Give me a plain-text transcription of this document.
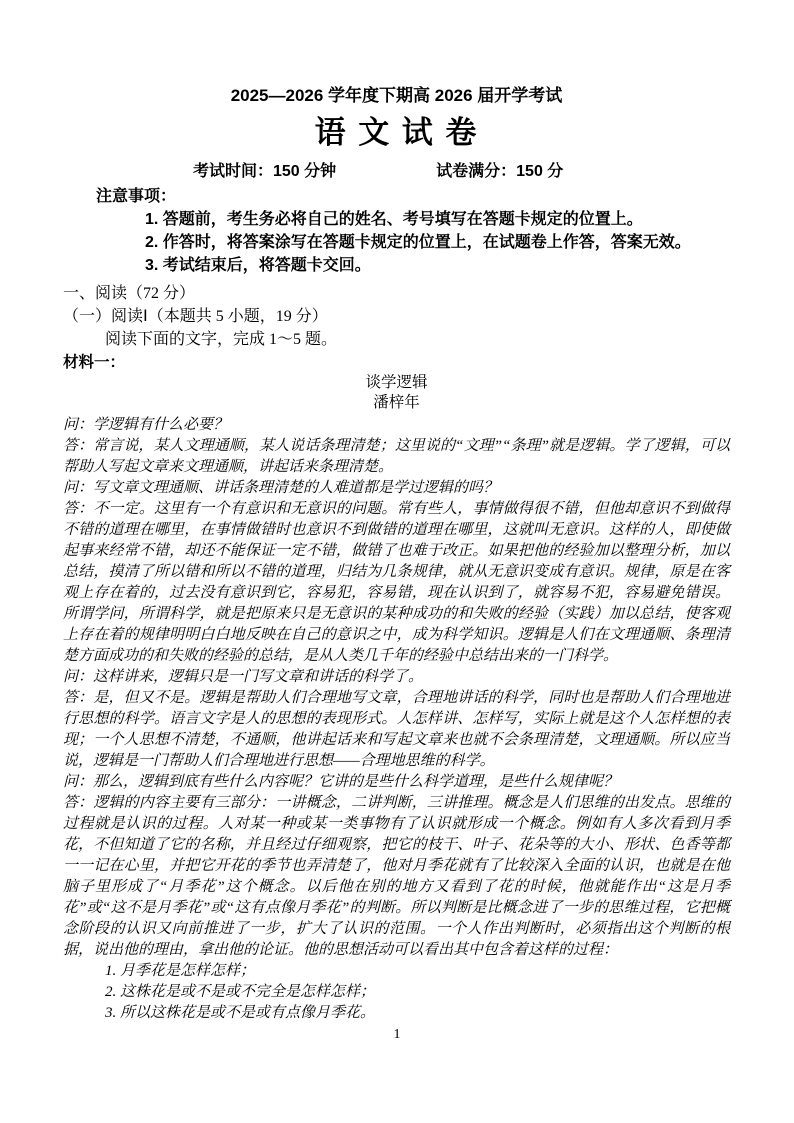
2025—2026 学年度下期高 2026 届开学考试
语 文 试 卷
考试时间：150 分钟	试卷满分：150 分
注意事项：
1. 答题前，考生务必将自己的姓名、考号填写在答题卡规定的位置上。
2. 作答时，将答案涂写在答题卡规定的位置上，在试题卷上作答，答案无效。
3. 考试结束后，将答题卡交回。
一、阅读（72 分）
（一）阅读Ⅰ（本题共 5 小题，19 分）
阅读下面的文字，完成 1～5 题。
材料一：
谈学逻辑
潘梓年

问：学逻辑有什么必要？

答：常言说，某人文理通顺，某人说话条理清楚；这里说的“文理”“条理”就是逻辑。学了逻辑，可以帮助人写起文章来文理通顺，讲起话来条理清楚。

问：写文章文理通顺、讲话条理清楚的人难道都是学过逻辑的吗？

答：不一定。这里有一个有意识和无意识的问题。常有些人，事情做得很不错，但他却意识不到做得不错的道理在哪里，在事情做错时也意识不到做错的道理在哪里，这就叫无意识。这样的人，即使做起事来经常不错，却还不能保证一定不错，做错了也难于改正。如果把他的经验加以整理分析，加以总结，摸清了所以错和所以不错的道理，归结为几条规律，就从无意识变成有意识。规律，原是在客观上存在着的，过去没有意识到它，容易犯，容易错，现在认识到了，就容易不犯，容易避免错误。所谓学问，所谓科学，就是把原来只是无意识的某种成功的和失败的经验（实践）加以总结，使客观上存在着的规律明明白白地反映在自己的意识之中，成为科学知识。逻辑是人们在文理通顺、条理清楚方面成功的和失败的经验的总结，是从人类几千年的经验中总结出来的一门科学。

问：这样讲来，逻辑只是一门写文章和讲话的科学了。

答：是，但又不是。逻辑是帮助人们合理地写文章，合理地讲话的科学，同时也是帮助人们合理地进行思想的科学。语言文字是人的思想的表现形式。人怎样讲、怎样写，实际上就是这个人怎样想的表现；一个人思想不清楚，不通顺，他讲起话来和写起文章来也就不会条理清楚，文理通顺。所以应当说，逻辑是一门帮助人们合理地进行思想——合理地思维的科学。

问：那么，逻辑到底有些什么内容呢？它讲的是些什么科学道理，是些什么规律呢？

答：逻辑的内容主要有三部分：一讲概念，二讲判断，三讲推理。概念是人们思维的出发点。思维的过程就是认识的过程。人对某一种或某一类事物有了认识就形成一个概念。例如有人多次看到月季花，不但知道了它的名称，并且经过仔细观察，把它的枝干、叶子、花朵等的大小、形状、色香等都一一记在心里，并把它开花的季节也弄清楚了，他对月季花就有了比较深入全面的认识，也就是在他脑子里形成了“月季花”这个概念。以后他在别的地方又看到了花的时候，他就能作出“这是月季花”或“这不是月季花”或“这有点像月季花”的判断。所以判断是比概念进了一步的思维过程，它把概念阶段的认识又向前推进了一步，扩大了认识的范围。一个人作出判断时，必须指出这个判断的根据，说出他的理由，拿出他的论证。他的思想活动可以看出其中包含着这样的过程：

1. 月季花是怎样怎样；
2. 这株花是或不是或不完全是怎样怎样；
3. 所以这株花是或不是或有点像月季花。
1
